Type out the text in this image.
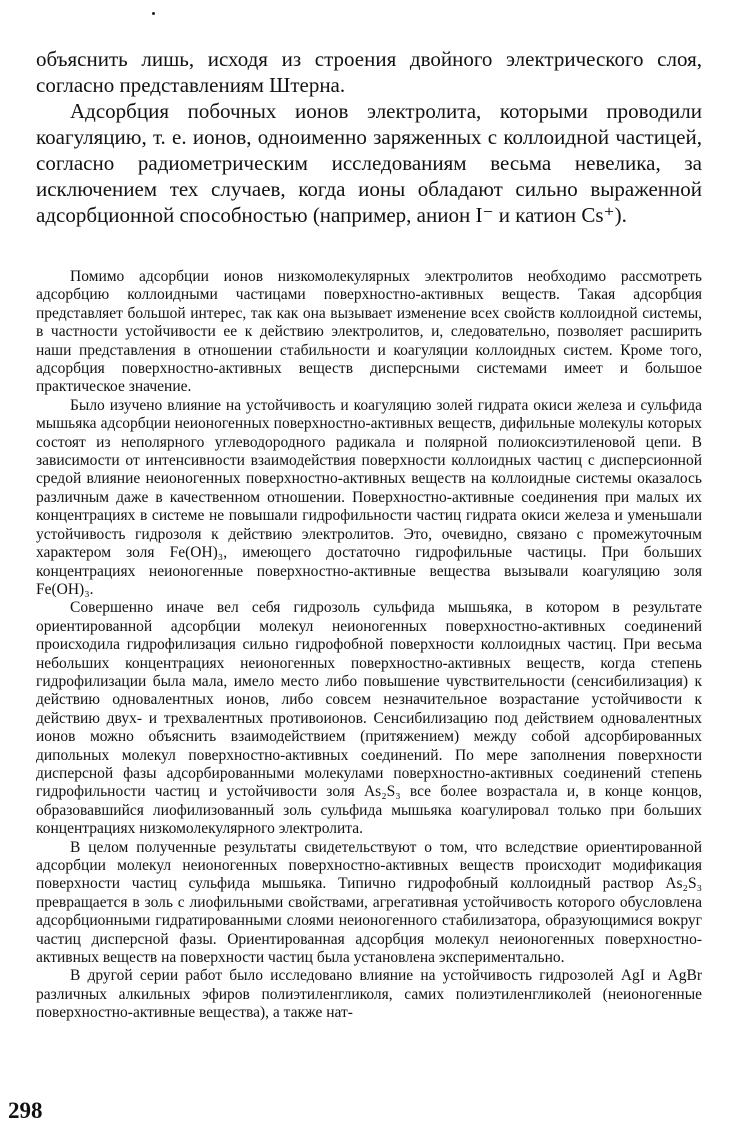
объяснить лишь, исходя из строения двойного электрического слоя, согласно представлениям Штерна.

Адсорбция побочных ионов электролита, которыми проводили коагуляцию, т. е. ионов, одноименно заряженных с коллоидной частицей, согласно радиометрическим исследованиям весьма невелика, за исключением тех случаев, когда ионы обладают сильно выраженной адсорбционной способностью (например, анион I⁻ и катион Cs⁺).

Помимо адсорбции ионов низкомолекулярных электролитов необходимо рассмотреть адсорбцию коллоидными частицами поверхностно-активных веществ. Такая адсорбция представляет большой интерес, так как она вызывает изменение всех свойств коллоидной системы, в частности устойчивости ее к действию электролитов, и, следовательно, позволяет расширить наши представления в отношении стабильности и коагуляции коллоидных систем. Кроме того, адсорбция поверхностно-активных веществ дисперсными системами имеет и большое практическое значение.

Было изучено влияние на устойчивость и коагуляцию золей гидрата окиси железа и сульфида мышьяка адсорбции неионогенных поверхностно-активных веществ, дифильные молекулы которых состоят из неполярного углеводородного радикала и полярной полиоксиэтиленовой цепи. В зависимости от интенсивности взаимодействия поверхности коллоидных частиц с дисперсионной средой влияние неионогенных поверхностно-активных веществ на коллоидные системы оказалось различным даже в качественном отношении. Поверхностно-активные соединения при малых их концентрациях в системе не повышали гидрофильности частиц гидрата окиси железа и уменьшали устойчивость гидрозоля к действию электролитов. Это, очевидно, связано с промежуточным характером золя Fe(OH)₃, имеющего достаточно гидрофильные частицы. При больших концентрациях неионогенные поверхностно-активные вещества вызывали коагуляцию золя Fe(OH)₃.

Совершенно иначе вел себя гидрозоль сульфида мышьяка, в котором в результате ориентированной адсорбции молекул неионогенных поверхностно-активных соединений происходила гидрофилизация сильно гидрофобной поверхности коллоидных частиц. При весьма небольших концентрациях неионогенных поверхностно-активных веществ, когда степень гидрофилизации была мала, имело место либо повышение чувствительности (сенсибилизация) к действию одновалентных ионов, либо совсем незначительное возрастание устойчивости к действию двух- и трехвалентных противоионов. Сенсибилизацию под действием одновалентных ионов можно объяснить взаимодействием (притяжением) между собой адсорбированных дипольных молекул поверхностно-активных соединений. По мере заполнения поверхности дисперсной фазы адсорбированными молекулами поверхностно-активных соединений степень гидрофильности частиц и устойчивости золя As₂S₃ все более возрастала и, в конце концов, образовавшийся лиофилизованный золь сульфида мышьяка коагулировал только при больших концентрациях низкомолекулярного электролита.

В целом полученные результаты свидетельствуют о том, что вследствие ориентированной адсорбции молекул неионогенных поверхностно-активных веществ происходит модификация поверхности частиц сульфида мышьяка. Типично гидрофобный коллоидный раствор As₂S₃ превращается в золь с лиофильными свойствами, агрегативная устойчивость которого обусловлена адсорбционными гидратированными слоями неионогенного стабилизатора, образующимися вокруг частиц дисперсной фазы. Ориентированная адсорбция молекул неионогенных поверхностно-активных веществ на поверхности частиц была установлена экспериментально.

В другой серии работ было исследовано влияние на устойчивость гидрозолей AgI и AgBr различных алкильных эфиров полиэтиленгликоля, самих полиэтиленгликолей (неионогенные поверхностно-активные вещества), а также нат-

298
